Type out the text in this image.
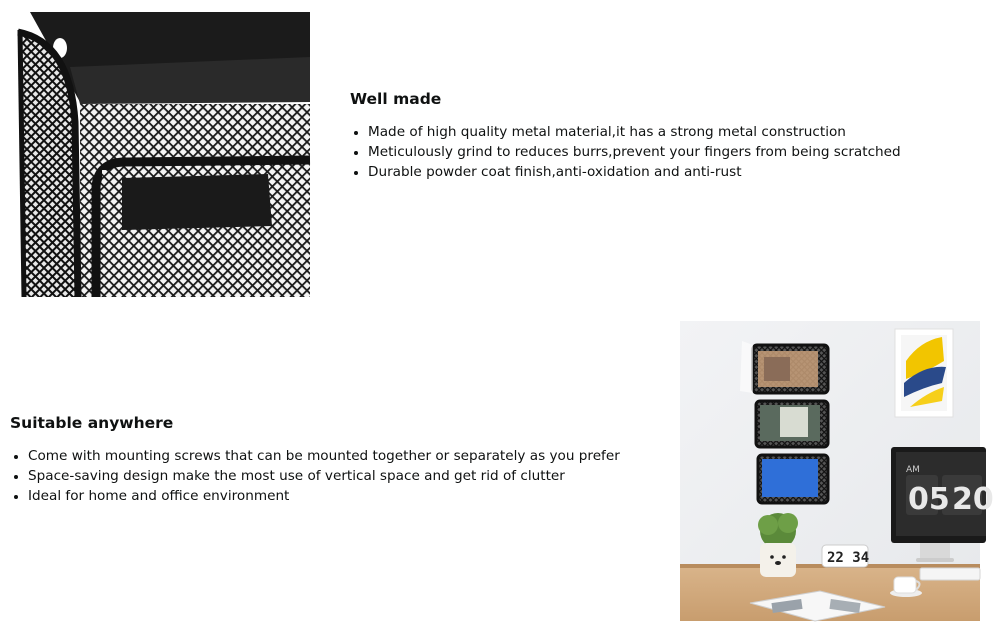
Well made
• Made of high quality metal material,it has a strong metal construction
• Meticulously grind to reduces burrs,prevent your fingers from being scratched
• Durable powder coat finish,anti-oxidation and anti-rust
Suitable anywhere
• Come with mounting screws that can be mounted together or separately as you prefer
• Space-saving design make the most use of vertical space and get rid of clutter
• Ideal for home and office environment
AM
05 20
22 34
